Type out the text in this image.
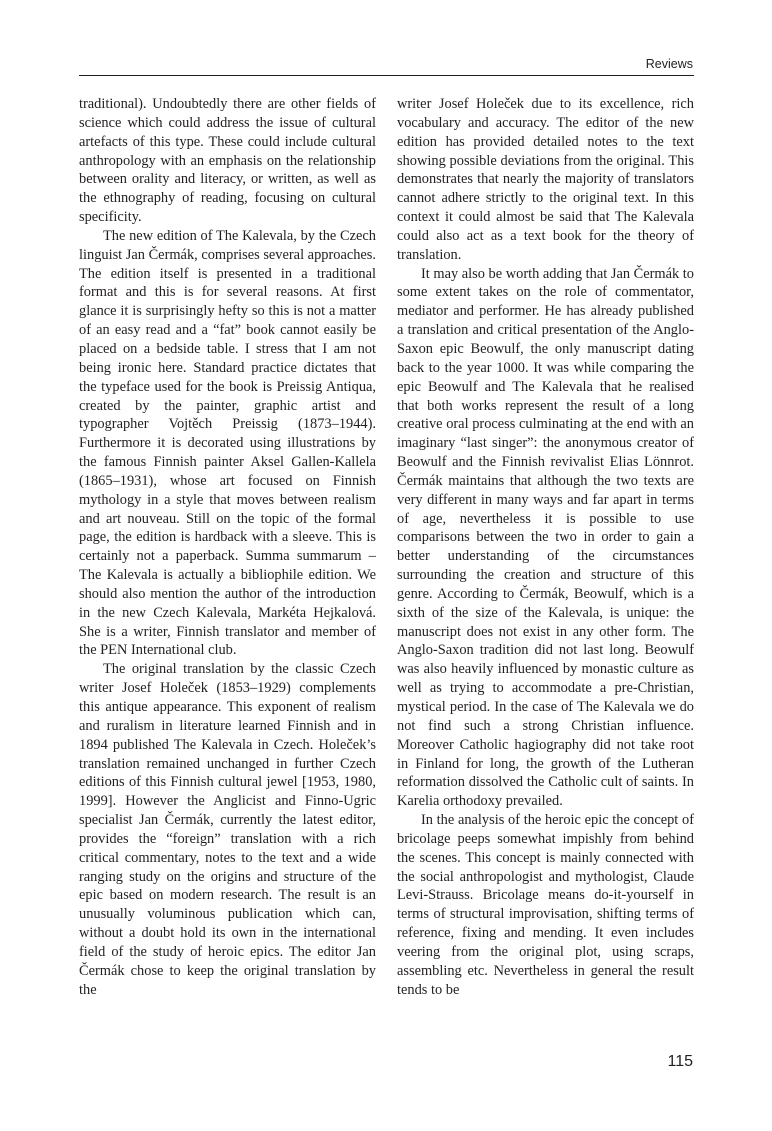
Reviews

traditional). Undoubtedly there are other fields of science which could address the issue of cultural artefacts of this type. These could include cultural anthropology with an emphasis on the relationship between orality and literacy, or written, as well as the ethnography of reading, focusing on cultural specificity.

The new edition of The Kalevala, by the Czech linguist Jan Čermák, comprises several approaches. The edition itself is presented in a traditional format and this is for several reasons. At first glance it is surprisingly hefty so this is not a matter of an easy read and a “fat” book cannot easily be placed on a bedside table. I stress that I am not being ironic here. Standard practice dictates that the typeface used for the book is Preissig Antiqua, created by the painter, graphic artist and typographer Vojtěch Preissig (1873–1944). Furthermore it is decorated using illustrations by the famous Finnish painter Aksel Gallen-Kallela (1865–1931), whose art focused on Finnish mythology in a style that moves between realism and art nouveau. Still on the topic of the formal page, the edition is hardback with a sleeve. This is certainly not a paperback. Summa summarum – The Kalevala is actually a bibliophile edition. We should also mention the author of the introduction in the new Czech Kalevala, Markéta Hejkalová. She is a writer, Finnish translator and member of the PEN International club.

The original translation by the classic Czech writer Josef Holeček (1853–1929) complements this antique appearance. This exponent of realism and ruralism in literature learned Finnish and in 1894 published The Kalevala in Czech. Holeček’s translation remained unchanged in further Czech editions of this Finnish cultural jewel [1953, 1980, 1999]. However the Anglicist and Finno-Ugric specialist Jan Čermák, currently the latest editor, provides the “foreign” translation with a rich critical commentary, notes to the text and a wide ranging study on the origins and structure of the epic based on modern research. The result is an unusually voluminous publication which can, without a doubt hold its own in the international field of the study of heroic epics. The editor Jan Čermák chose to keep the original translation by the

writer Josef Holeček due to its excellence, rich vocabulary and accuracy. The editor of the new edition has provided detailed notes to the text showing possible deviations from the original. This demonstrates that nearly the majority of translators cannot adhere strictly to the original text. In this context it could almost be said that The Kalevala could also act as a text book for the theory of translation.

It may also be worth adding that Jan Čermák to some extent takes on the role of commentator, mediator and performer. He has already published a translation and critical presentation of the Anglo-Saxon epic Beowulf, the only manuscript dating back to the year 1000. It was while comparing the epic Beowulf and The Kalevala that he realised that both works represent the result of a long creative oral process culminating at the end with an imaginary “last singer”: the anonymous creator of Beowulf and the Finnish revivalist Elias Lönnrot. Čermák maintains that although the two texts are very different in many ways and far apart in terms of age, nevertheless it is possible to use comparisons between the two in order to gain a better understanding of the circumstances surrounding the creation and structure of this genre. According to Čermák, Beowulf, which is a sixth of the size of the Kalevala, is unique: the manuscript does not exist in any other form. The Anglo-Saxon tradition did not last long. Beowulf was also heavily influenced by monastic culture as well as trying to accommodate a pre-Christian, mystical period. In the case of The Kalevala we do not find such a strong Christian influence. Moreover Catholic hagiography did not take root in Finland for long, the growth of the Lutheran reformation dissolved the Catholic cult of saints. In Karelia orthodoxy prevailed.

In the analysis of the heroic epic the concept of bricolage peeps somewhat impishly from behind the scenes. This concept is mainly connected with the social anthropologist and mythologist, Claude Levi-Strauss. Bricolage means do-it-yourself in terms of structural improvisation, shifting terms of reference, fixing and mending. It even includes veering from the original plot, using scraps, assembling etc. Nevertheless in general the result tends to be

115
